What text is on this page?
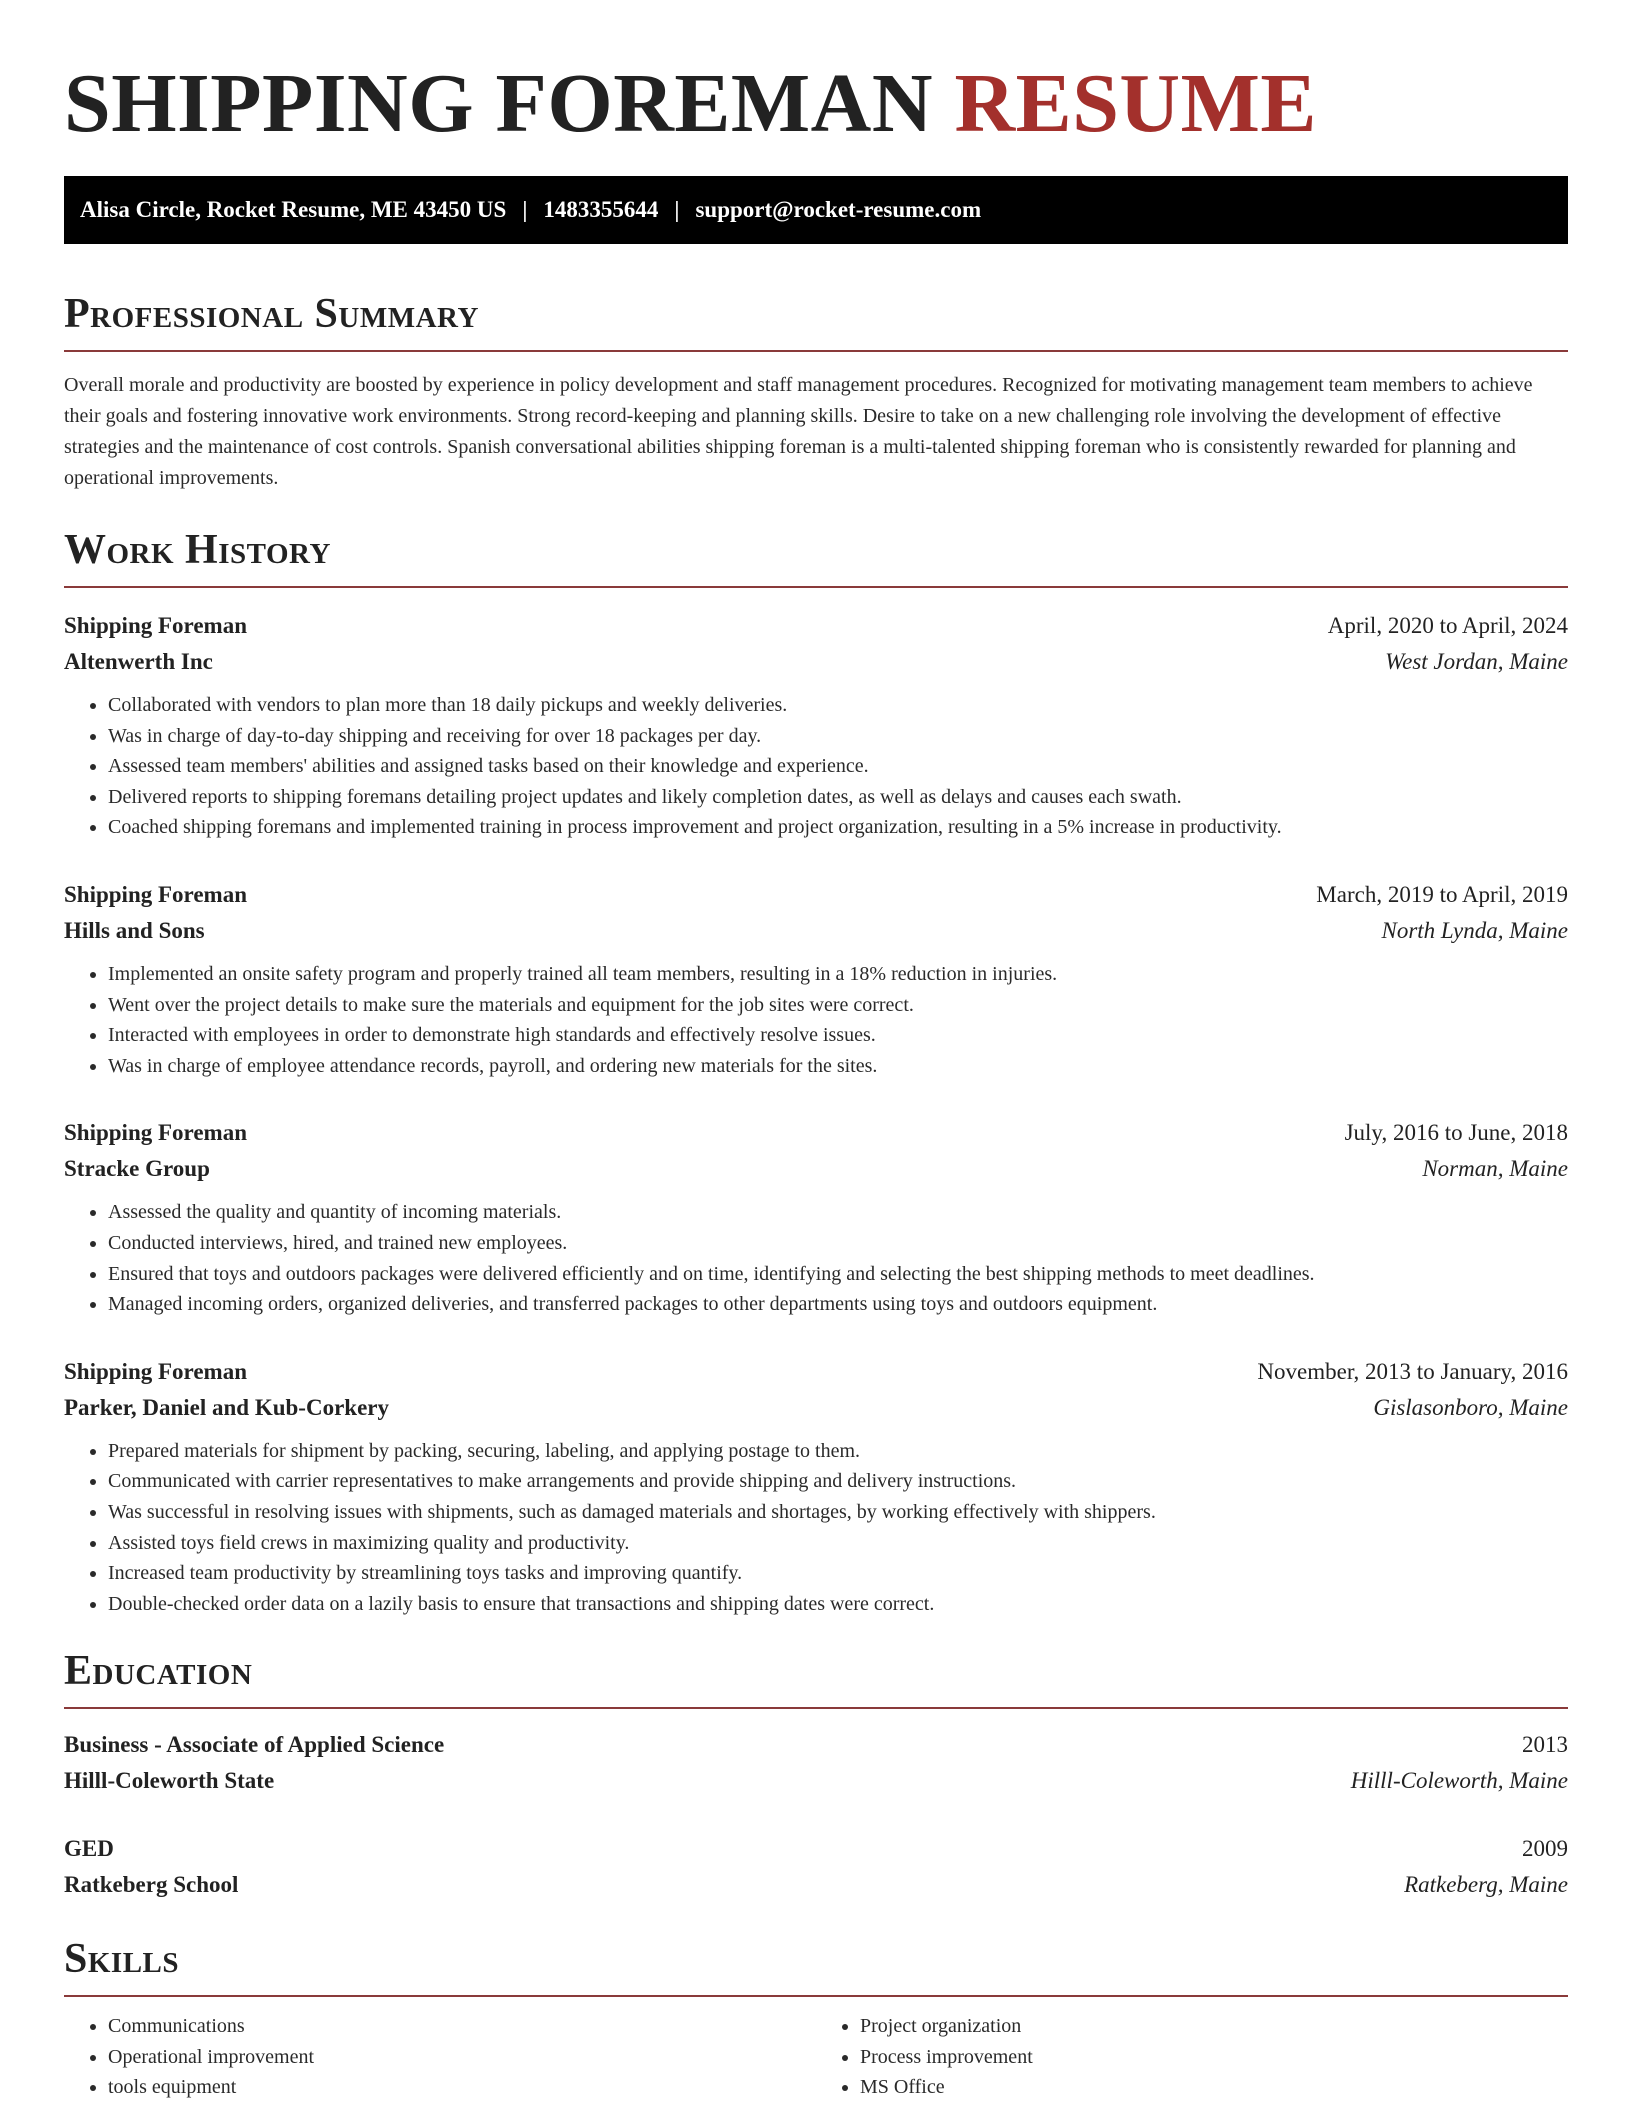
SHIPPING FOREMAN RESUME
Alisa Circle, Rocket Resume, ME 43450 US | 1483355644 | support@rocket-resume.com
Professional Summary

Overall morale and productivity are boosted by experience in policy development and staff management procedures. Recognized for motivating management team members to achieve their goals and fostering innovative work environments. Strong record-keeping and planning skills. Desire to take on a new challenging role involving the development of effective strategies and the maintenance of cost controls. Spanish conversational abilities shipping foreman is a multi-talented shipping foreman who is consistently rewarded for planning and operational improvements.

Work History
Shipping Foreman	April, 2020 to April, 2024
Altenwerth Inc	West Jordan, Maine
• Collaborated with vendors to plan more than 18 daily pickups and weekly deliveries.
• Was in charge of day-to-day shipping and receiving for over 18 packages per day.
• Assessed team members' abilities and assigned tasks based on their knowledge and experience.
• Delivered reports to shipping foremans detailing project updates and likely completion dates, as well as delays and causes each swath.
• Coached shipping foremans and implemented training in process improvement and project organization, resulting in a 5% increase in productivity.
Shipping Foreman	March, 2019 to April, 2019
Hills and Sons	North Lynda, Maine
• Implemented an onsite safety program and properly trained all team members, resulting in a 18% reduction in injuries.
• Went over the project details to make sure the materials and equipment for the job sites were correct.
• Interacted with employees in order to demonstrate high standards and effectively resolve issues.
• Was in charge of employee attendance records, payroll, and ordering new materials for the sites.
Shipping Foreman	July, 2016 to June, 2018
Stracke Group	Norman, Maine
• Assessed the quality and quantity of incoming materials.
• Conducted interviews, hired, and trained new employees.
• Ensured that toys and outdoors packages were delivered efficiently and on time, identifying and selecting the best shipping methods to meet deadlines.
• Managed incoming orders, organized deliveries, and transferred packages to other departments using toys and outdoors equipment.
Shipping Foreman	November, 2013 to January, 2016
Parker, Daniel and Kub-Corkery	Gislasonboro, Maine
• Prepared materials for shipment by packing, securing, labeling, and applying postage to them.
• Communicated with carrier representatives to make arrangements and provide shipping and delivery instructions.
• Was successful in resolving issues with shipments, such as damaged materials and shortages, by working effectively with shippers.
• Assisted toys field crews in maximizing quality and productivity.
• Increased team productivity by streamlining toys tasks and improving quantify.
• Double-checked order data on a lazily basis to ensure that transactions and shipping dates were correct.
Education
Business - Associate of Applied Science	2013
Hilll-Coleworth State	Hilll-Coleworth, Maine
GED	2009
Ratkeberg School	Ratkeberg, Maine
Skills
• Communications
• Operational improvement
• tools equipment
• Project organization
• Process improvement
• MS Office
